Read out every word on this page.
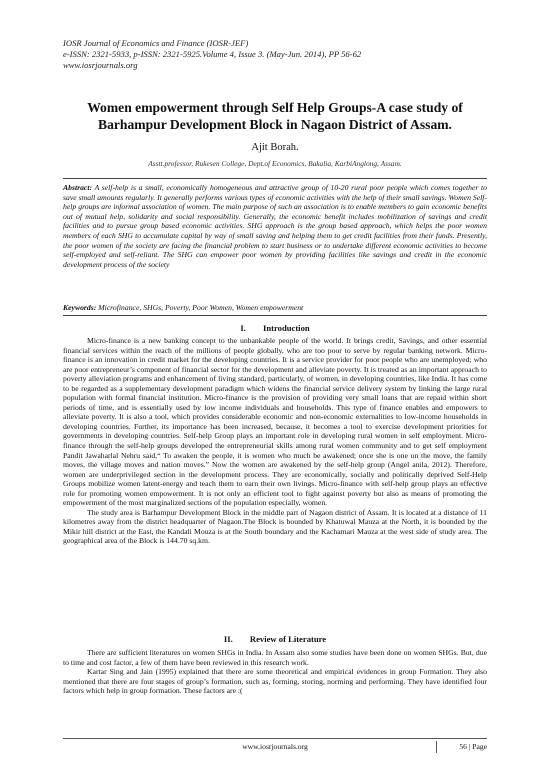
IOSR Journal of Economics and Finance (IOSR-JEF)
e-ISSN: 2321-5933, p-ISSN: 2321-5925.Volume 4, Issue 3. (May-Jun. 2014), PP 56-62
www.iosrjournals.org
Women empowerment through Self Help Groups-A case study of Barhampur Development Block in Nagaon District of Assam.
Ajit Borah.
Asstt.professor, Rukesen College, Dept.of Economics, Bakalia, KarbiAnglong, Assam.
Abstract: A self-help is a small, economically homogeneous and attractive group of 10-20 rural poor people which comes together to save small amounts regularly. It generally performs various types of economic activities with the help of their small savings. Women Self-help groups are informal association of women. The main purpose of such an association is to enable members to gain economic benefits out of mutual help, solidarity and social responsibility. Generally, the economic benefit includes mobilization of savings and credit facilities and to pursue group based economic activities. SHG approach is the group based approach, which helps the poor women members of each SHG to accumulate capital by way of small saving and helping them to get credit facilities from their funds. Presently, the poor women of the society are facing the financial problem to start business or to undertake different economic activities to become self-employed and self-reliant. The SHG can empower poor women by providing facilities like savings and credit in the economic development process of the society
Keywords: Microfinance, SHGs, Poverty, Poor Women, Women empowerment
I.        Introduction

Micro-finance is a new banking concept to the unbankable people of the world. It brings credit, Savings, and other essential financial services within the reach of the millions of people globally, who are too poor to serve by regular banking network. Micro-finance is an innovation in credit market for the developing countries. It is a service provider for poor people who are unemployed; who are poor entrepreneur’s component of financial sector for the development and alleviate poverty. It is treated as an important approach to poverty alleviation programs and enhancement of living standard, particularly, of women, in developing countries, like India. It has come to be regarded as a supplementary development paradigm which widens the financial service delivery system by linking the large rural population with formal financial institution. Micro-finance is the provision of providing very small loans that are repaid within short periods of time, and is essentially used by low income individuals and households. This type of finance enables and empowers to alleviate poverty. It is also a tool, which provides considerable economic and non-economic externalities to low-income households in developing countries. Further, its importance has been increased, because, it becomes a tool to exercise development priorities for governments in developing countries. Self-help Group plays an important role in developing rural women in self employment. Micro-finance through the self-help groups developed the entrepreneurial skills among rural women community and to get self employment Pandit Jawaharlal Nehru said,“ To awaken the people, it is women who much be awakened; once she is one on the move, the family moves, the village moves and nation moves.” Now the women are awakened by the self-help group (Angel anila, 2012). Therefore, women are underprivileged section in the development process. They are economically, socially and politically deprived Self-Help Groups mobilize women latent-energy and teach them to earn their own livings. Micro-finance with self-help group plays an effective role for promoting women empowerment. It is not only an efficient tool to fight against poverty but also as means of promoting the empowerment of the most marginalized sections of the population especially, women.

The study area is Barhampur Development Block in the middle part of Nagaon district of Assam. It is located at a distance of 11 kilometres away from the district headquarter of Nagaon.The Block is bounded by Khatuwal Mauza at the North, it is bounded by the Mikir hill district at the East, the Kandali Mouza is at the South boundary and the Kachamari Mauza at the west side of study area. The geographical area of the Block is 144.70 sq.km.

II.        Review of Literature

There are sufficient literatures on women SHGs in India. In Assam also some studies have been done on women SHGs. But, due to time and cost factor, a few of them have been reviewed in this research work.

Kartar Sing and Jain (1995) explained that there are some theoretical and empirical evidences in group Formation. They also mentioned that there are four stages of group’s formation, such as, forming, storing, norming and performing. They have identified four factors which help in group formation. These factors are :(

www.iosrjournals.org	56 | Page
